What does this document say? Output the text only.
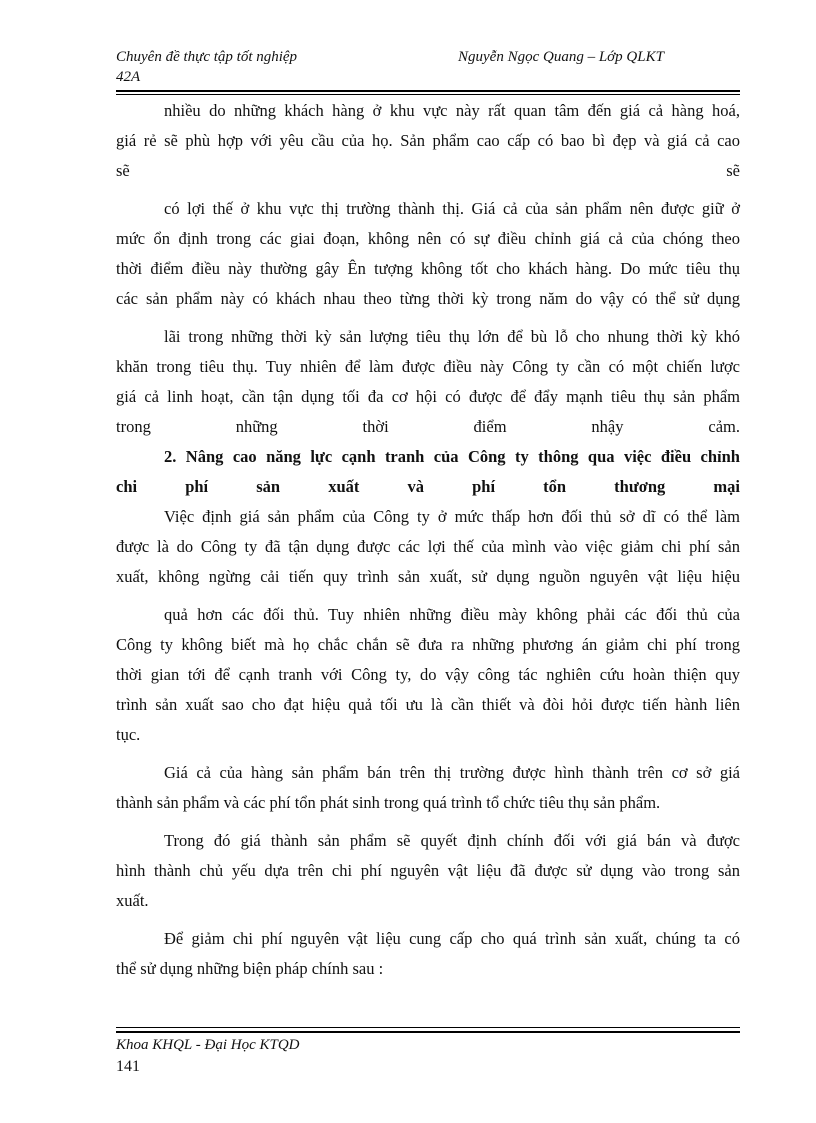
Chuyên đề thực tập tốt nghiệp	Nguyễn Ngọc Quang – Lớp QLKT
42A

nhiều do những khách hàng ở khu vực này rất quan tâm đến giá cả hàng hoá,

giá rẻ sẽ phù hợp với yêu cầu của họ. Sản phẩm cao cấp có bao bì đẹp và giá cả cao

sẽ sẽ

có lợi thế ở khu vực thị trường thành thị. Giá cả của sản phẩm nên được giữ ở

mức ổn định trong các giai đoạn, không nên có sự điều chỉnh giá cả của chóng theo

thời điểm điều này thường gây Ên tượng không tốt cho khách hàng. Do mức tiêu thụ

các sản phẩm này có khách nhau theo từng thời kỳ trong năm do vậy có thể sử dụng

lãi trong những thời kỳ sản lượng tiêu thụ lớn để bù lỗ cho nhung thời kỳ khó

khăn trong tiêu thụ. Tuy nhiên để làm được điều này Công ty cần có một chiến lược

giá cả linh hoạt, cần tận dụng tối đa cơ hội có được để đẩy mạnh tiêu thụ sản phẩm

trong những thời điểm nhậy cảm.

2. Nâng cao năng lực cạnh tranh của Công ty thông qua việc điều chỉnh

chi phí sản xuất và phí tổn thương mại

Việc định giá sản phẩm của Công ty ở mức thấp hơn đối thủ sở dĩ có thể làm

được là do Công ty đã tận dụng được các lợi thế của mình vào việc giảm chi phí sản

xuất, không ngừng cải tiến quy trình sản xuất, sử dụng nguồn nguyên vật liệu hiệu

quả hơn các đối thủ. Tuy nhiên những điều mày không phải các đối thủ của

Công ty không biết mà họ chắc chắn sẽ đưa ra những phương án giảm chi phí trong

thời gian tới để cạnh tranh với Công ty, do vậy công tác nghiên cứu hoàn thiện quy

trình sản xuất sao cho đạt hiệu quả tối ưu là cần thiết và đòi hỏi được tiến hành liên

tục.

Giá cả của hàng sản phẩm bán trên thị trường được hình thành trên cơ sở giá

thành sản phẩm và các phí tổn phát sinh trong quá trình tổ chức tiêu thụ sản phẩm.

Trong đó giá thành sản phẩm sẽ quyết định chính đối với giá bán và được

hình thành chủ yếu dựa trên chi phí nguyên vật liệu đã được sử dụng vào trong sản

xuất.

Để giảm chi phí nguyên vật liệu cung cấp cho quá trình sản xuất, chúng ta có

thể sử dụng những biện pháp chính sau :

Khoa KHQL - Đại Học KTQD
141
